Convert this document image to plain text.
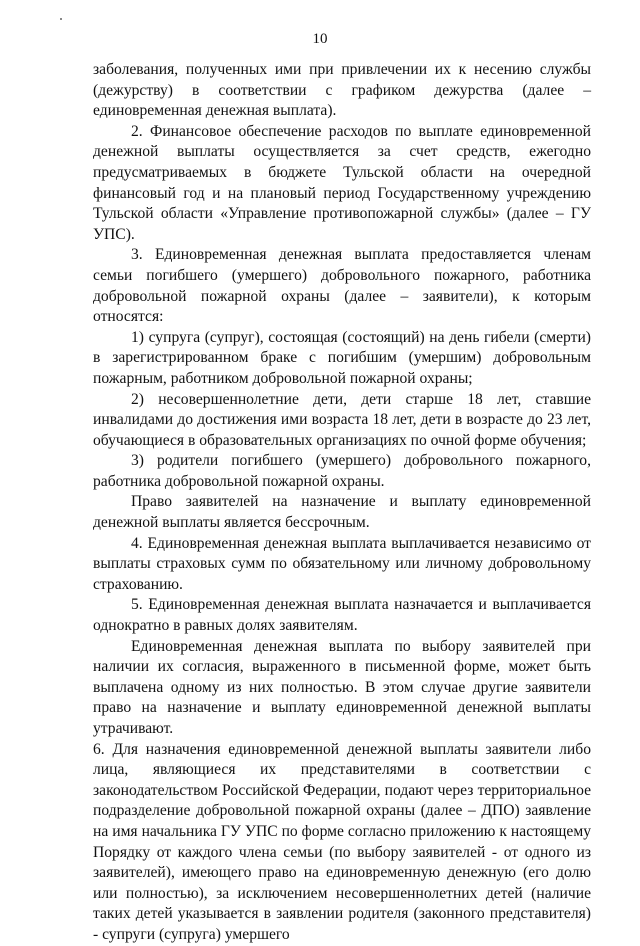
10

заболевания, полученных ими при привлечении их к несению службы (дежурству) в соответствии с графиком дежурства (далее – единовременная денежная выплата).

2. Финансовое обеспечение расходов по выплате единовременной денежной выплаты осуществляется за счет средств, ежегодно предусматриваемых в бюджете Тульской области на очередной финансовый год и на плановый период Государственному учреждению Тульской области «Управление противопожарной службы» (далее – ГУ УПС).

3. Единовременная денежная выплата предоставляется членам семьи погибшего (умершего) добровольного пожарного, работника добровольной пожарной охраны (далее – заявители), к которым относятся:

1) супруга (супруг), состоящая (состоящий) на день гибели (смерти) в зарегистрированном браке с погибшим (умершим) добровольным пожарным, работником добровольной пожарной охраны;

2) несовершеннолетние дети, дети старше 18 лет, ставшие инвалидами до достижения ими возраста 18 лет, дети в возрасте до 23 лет, обучающиеся в образовательных организациях по очной форме обучения;

3) родители погибшего (умершего) добровольного пожарного, работника добровольной пожарной охраны.

Право заявителей на назначение и выплату единовременной денежной выплаты является бессрочным.

4. Единовременная денежная выплата выплачивается независимо от выплаты страховых сумм по обязательному или личному добровольному страхованию.

5. Единовременная денежная выплата назначается и выплачивается однократно в равных долях заявителям.

Единовременная денежная выплата по выбору заявителей при наличии их согласия, выраженного в письменной форме, может быть выплачена одному из них полностью. В этом случае другие заявители право на назначение и выплату единовременной денежной выплаты утрачивают.

6. Для назначения единовременной денежной выплаты заявители либо лица, являющиеся их представителями в соответствии с законодательством Российской Федерации, подают через территориальное подразделение добровольной пожарной охраны (далее – ДПО) заявление на имя начальника ГУ УПС по форме согласно приложению к настоящему Порядку от каждого члена семьи (по выбору заявителей - от одного из заявителей), имеющего право на единовременную денежную (его долю или полностью), за исключением несовершеннолетних детей (наличие таких детей указывается в заявлении родителя (законного представителя) - супруги (супруга) умершего
